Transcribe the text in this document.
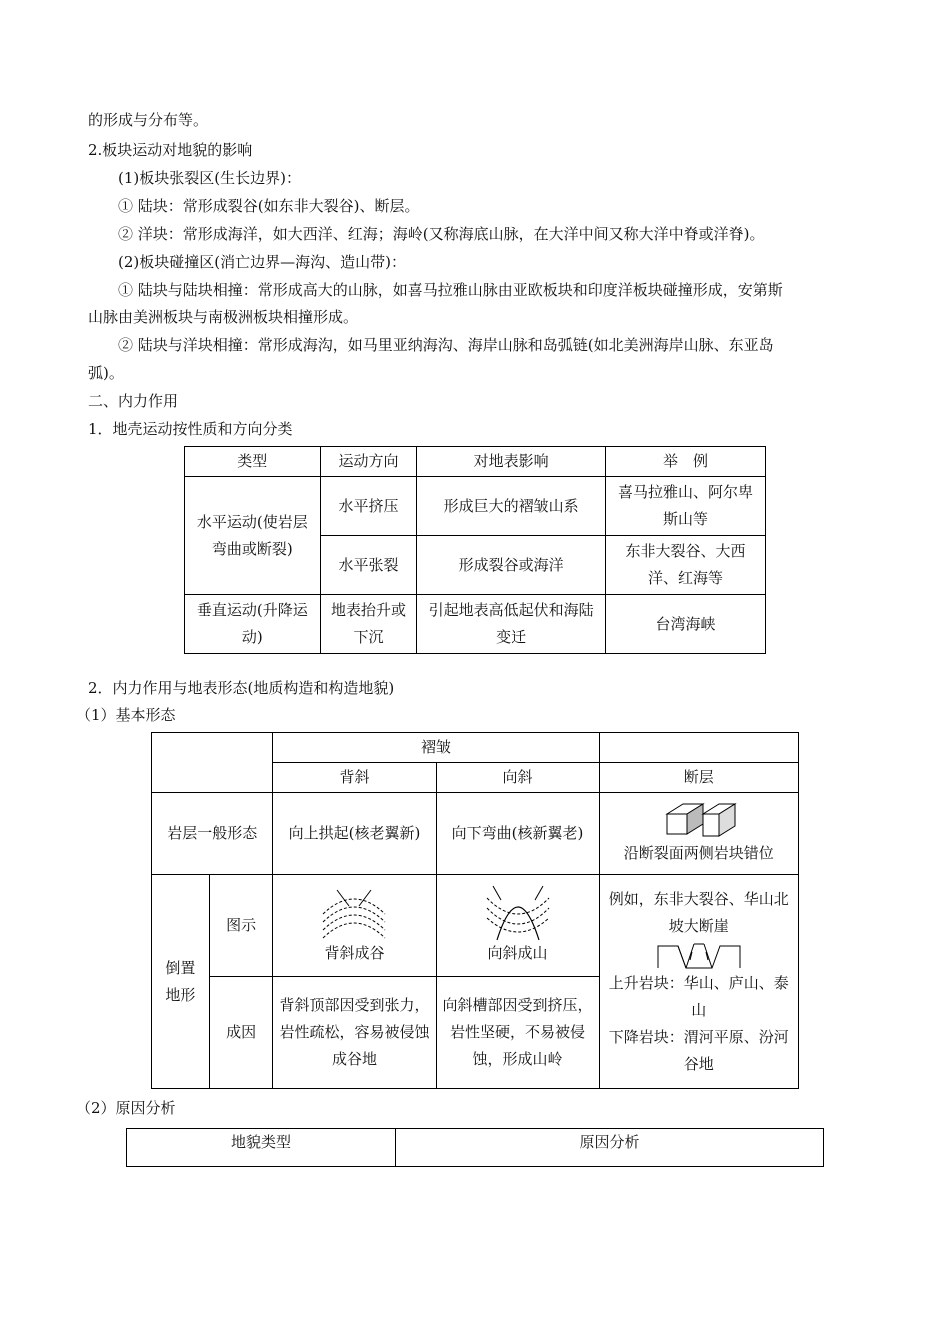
的形成与分布等。
2.板块运动对地貌的影响
(1)板块张裂区(生长边界)：
① 陆块：常形成裂谷(如东非大裂谷)、断层。
② 洋块：常形成海洋，如大西洋、红海；海岭(又称海底山脉，在大洋中间又称大洋中脊或洋脊)。
(2)板块碰撞区(消亡边界—海沟、造山带)：
① 陆块与陆块相撞：常形成高大的山脉，如喜马拉雅山脉由亚欧板块和印度洋板块碰撞形成，安第斯
山脉由美洲板块与南极洲板块相撞形成。
② 陆块与洋块相撞：常形成海沟，如马里亚纳海沟、海岸山脉和岛弧链(如北美洲海岸山脉、东亚岛
弧)。
二、内力作用
1．地壳运动按性质和方向分类
类型	运动方向	对地表影响	举　例
水平运动(使岩层弯曲或断裂)	水平挤压	形成巨大的褶皱山系	喜马拉雅山、阿尔卑斯山等
	水平张裂	形成裂谷或海洋	东非大裂谷、大西洋、红海等
垂直运动(升降运动)	地表抬升或下沉	引起地表高低起伏和海陆变迁	台湾海峡
2．内力作用与地表形态(地质构造和构造地貌)
（1）基本形态
		褶皱		
		背斜	向斜	断层
岩层一般形态		向上拱起(核老翼新)	向下弯曲(核新翼老)	沿断裂面两侧岩块错位

倒置地形	图示	背斜成谷	向斜成山	例如，东非大裂谷、华山北坡大断崖
上升岩块：华山、庐山、泰山
下降岩块：渭河平原、汾河谷地

	成因	背斜顶部因受到张力，岩性疏松，容易被侵蚀成谷地	向斜槽部因受到挤压，岩性坚硬，不易被侵蚀，形成山岭	
（2）原因分析
地貌类型	原因分析
